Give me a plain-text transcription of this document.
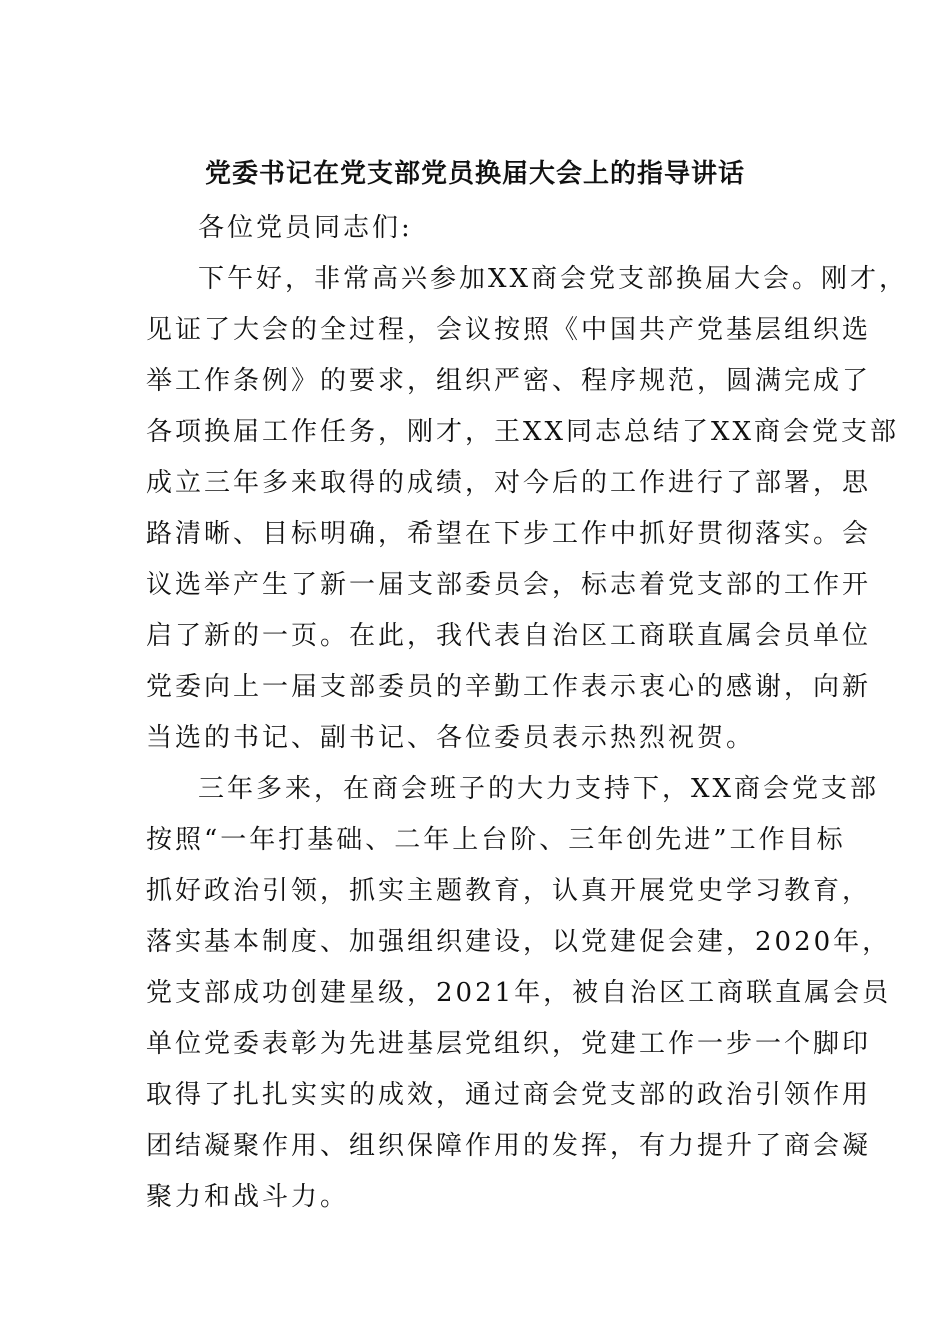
党委书记在党支部党员换届大会上的指导讲话

各位党员同志们:

下午好，非常高兴参加XX商会党支部换届大会。刚才，
见证了大会的全过程，会议按照《中国共产党基层组织选
举工作条例》的要求，组织严密、程序规范，圆满完成了
各项换届工作任务，刚才，王XX同志总结了XX商会党支部
成立三年多来取得的成绩，对今后的工作进行了部署，思
路清晰、目标明确，希望在下步工作中抓好贯彻落实。会
议选举产生了新一届支部委员会，标志着党支部的工作开
启了新的一页。在此，我代表自治区工商联直属会员单位
党委向上一届支部委员的辛勤工作表示衷心的感谢，向新
当选的书记、副书记、各位委员表示热烈祝贺。
三年多来，在商会班子的大力支持下，XX商会党支部
按照“一年打基础、二年上台阶、三年创先进”工作目标
抓好政治引领，抓实主题教育，认真开展党史学习教育，
落实基本制度、加强组织建设，以党建促会建，2020年，
党支部成功创建星级，2021年，被自治区工商联直属会员
单位党委表彰为先进基层党组织，党建工作一步一个脚印
取得了扎扎实实的成效，通过商会党支部的政治引领作用
团结凝聚作用、组织保障作用的发挥，有力提升了商会凝
聚力和战斗力。
